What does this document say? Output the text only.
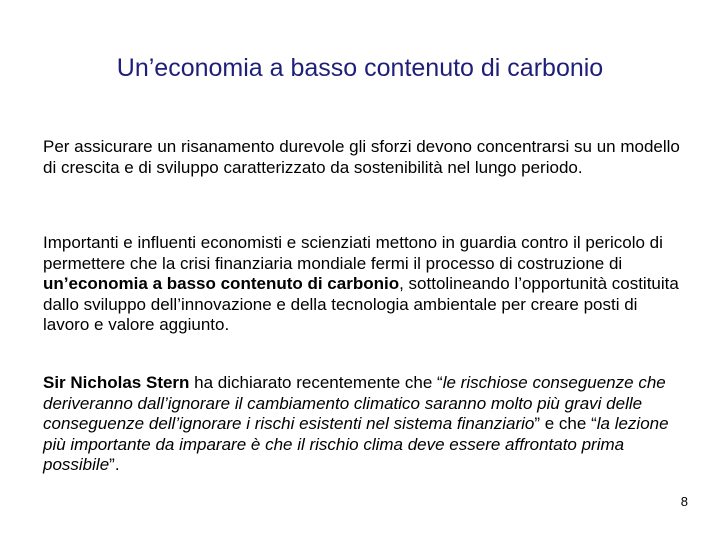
Un’economia a basso contenuto di carbonio

Per assicurare un risanamento durevole gli sforzi devono concentrarsi su un modello di crescita e di sviluppo caratterizzato da sostenibilità nel lungo periodo.

Importanti e influenti economisti e scienziati mettono in guardia contro il pericolo di permettere che la crisi finanziaria mondiale fermi il processo di costruzione di un’economia a basso contenuto di carbonio, sottolineando l’opportunità costituita dallo sviluppo dell’innovazione e della tecnologia ambientale per creare posti di lavoro e valore aggiunto.

Sir Nicholas Stern ha dichiarato recentemente che “le rischiose conseguenze che deriveranno dall’ignorare il cambiamento climatico saranno molto più gravi delle conseguenze dell’ignorare i rischi esistenti nel sistema finanziario” e che “la lezione più importante da imparare è che il rischio clima deve essere affrontato prima possibile”.

8
